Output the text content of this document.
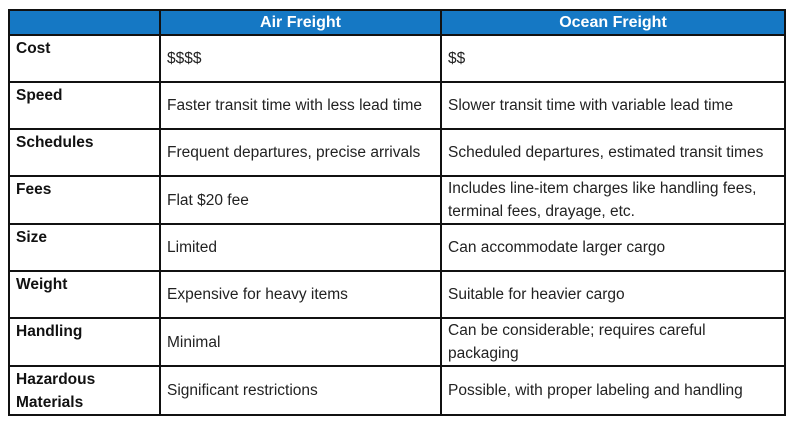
	Air Freight	Ocean Freight
Cost	$$$$	$$
Speed	Faster transit time with less lead time	Slower transit time with variable lead time
Schedules	Frequent departures, precise arrivals	Scheduled departures, estimated transit times
Fees	Flat $20 fee	Includes line-item charges like handling fees, terminal fees, drayage, etc.
Size	Limited	Can accommodate larger cargo
Weight	Expensive for heavy items	Suitable for heavier cargo
Handling	Minimal	Can be considerable; requires careful packaging
Hazardous Materials	Significant restrictions	Possible, with proper labeling and handling
